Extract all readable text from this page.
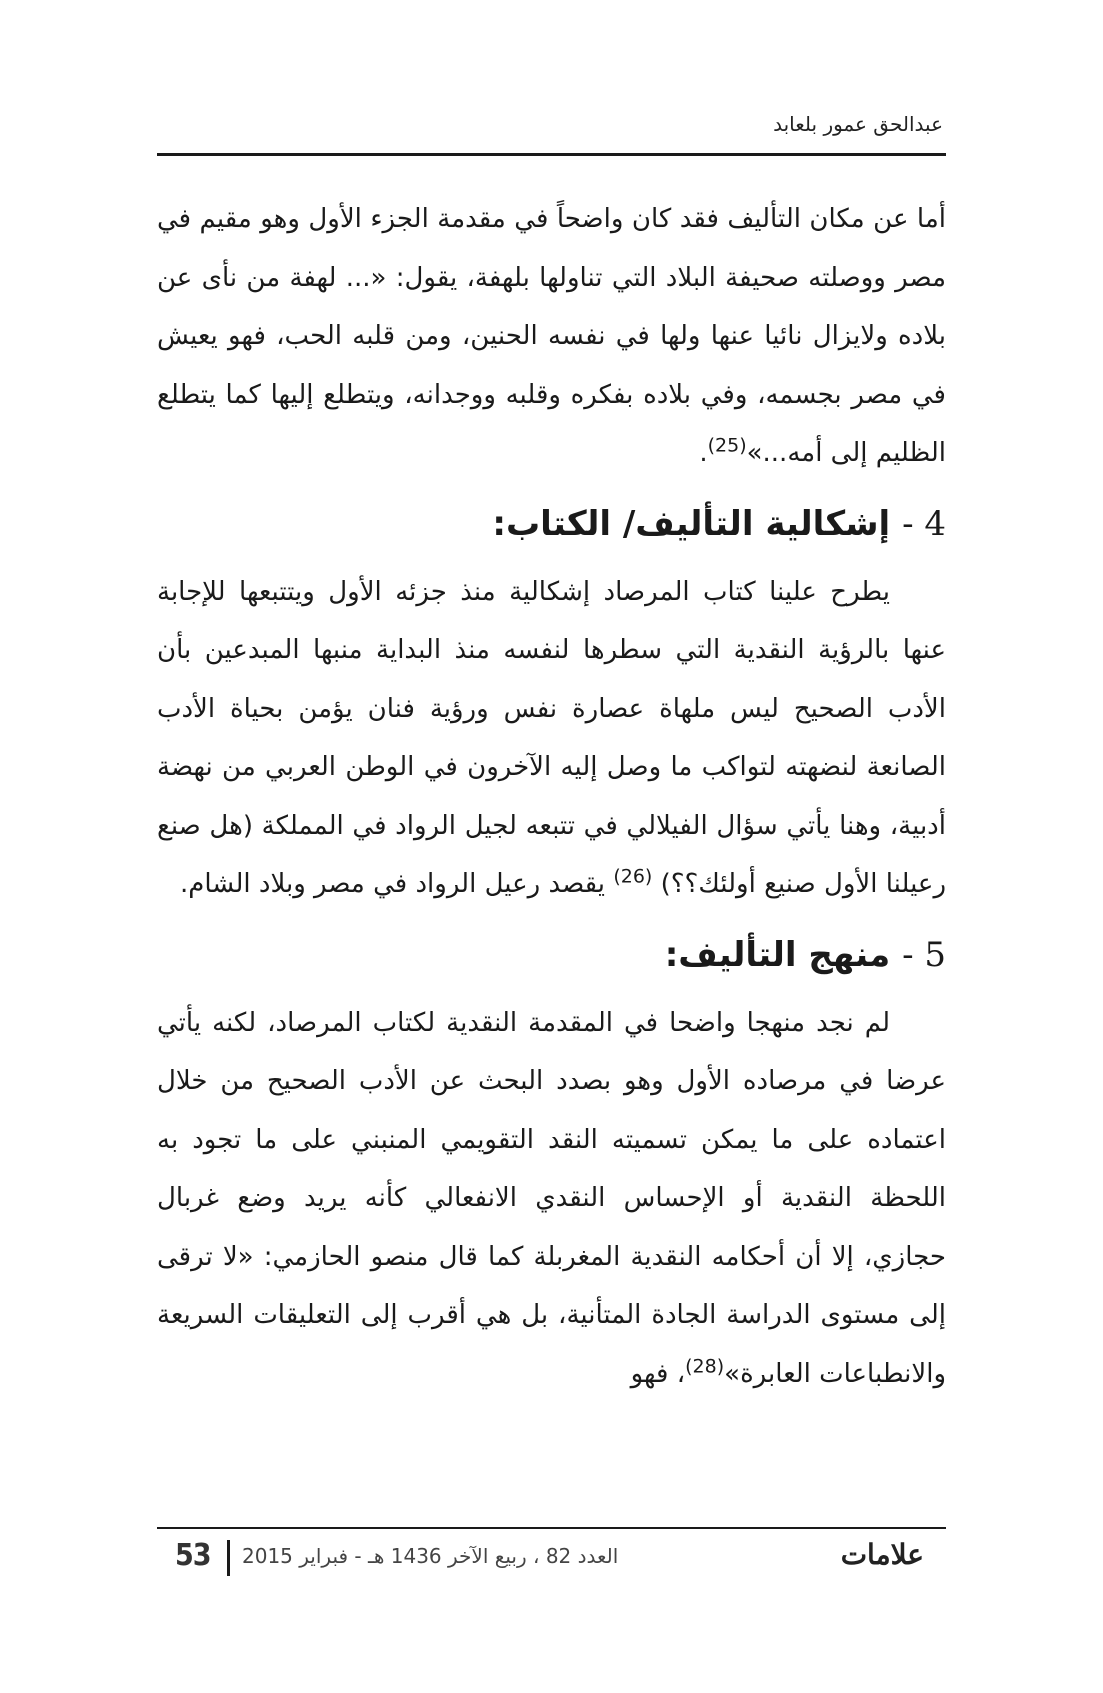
عبدالحق عمور بلعابد

أما عن مكان التأليف فقد كان واضحاً في مقدمة الجزء الأول وهو مقيم في مصر ووصلته صحيفة البلاد التي تناولها بلهفة، يقول: «... لهفة من نأى عن بلاده ولايزال نائيا عنها ولها في نفسه الحنين، ومن قلبه الحب، فهو يعيش في مصر بجسمه، وفي بلاده بفكره وقلبه ووجدانه، ويتطلع إليها كما يتطلع الظليم إلى أمه...»$^{(25)}$.

4 - إشكالية التأليف/ الكتاب:

يطرح علينا كتاب المرصاد إشكالية منذ جزئه الأول ويتتبعها للإجابة عنها بالرؤية النقدية التي سطرها لنفسه منذ البداية منبها المبدعين بأن الأدب الصحيح ليس ملهاة عصارة نفس ورؤية فنان يؤمن بحياة الأدب الصانعة لنضهته لتواكب ما وصل إليه الآخرون في الوطن العربي من نهضة أدبية، وهنا يأتي سؤال الفيلالي في تتبعه لجيل الرواد في المملكة (هل صنع رعيلنا الأول صنيع أولئك؟؟) $^{(26)}$ يقصد رعيل الرواد في مصر وبلاد الشام.

5 - منهج التأليف:

لم نجد منهجا واضحا في المقدمة النقدية لكتاب المرصاد، لكنه يأتي عرضا في مرصاده الأول وهو بصدد البحث عن الأدب الصحيح من خلال اعتماده على ما يمكن تسميته النقد التقويمي المنبني على ما تجود به اللحظة النقدية أو الإحساس النقدي الانفعالي كأنه يريد وضع غربال حجازي، إلا أن أحكامه النقدية المغربلة كما قال منصو الحازمي: «لا ترقى إلى مستوى الدراسة الجادة المتأنية، بل هي أقرب إلى التعليقات السريعة والانطباعات العابرة»$^{(28)}$، فهو

53 العدد 82 ، ربيع الآخر 1436 هـ - فبراير 2015	علامات
